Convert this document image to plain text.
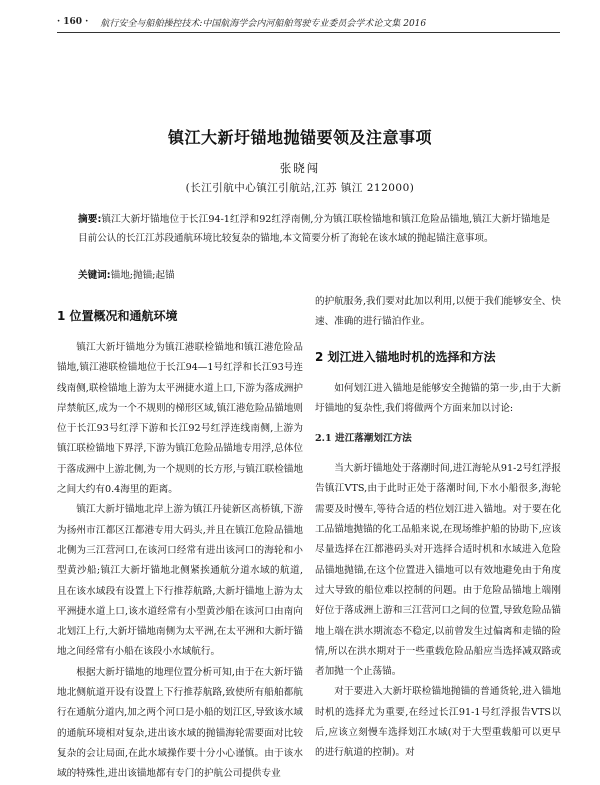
· 160 · 航行安全与船舶操控技术:中国航海学会内河船舶驾驶专业委员会学术论文集 2016
镇江大新圩锚地抛锚要领及注意事项
张晓闯
(长江引航中心镇江引航站,江苏 镇江 212000)
摘要:镇江大新圩锚地位于长江94-1红浮和92红浮南侧,分为镇江联检锚地和镇江危险品锚地,镇江大新圩锚地是目前公认的长江江苏段通航环境比较复杂的锚地,本文简要分析了海轮在该水域的抛起锚注意事项。
关键词:锚地;抛锚;起锚
1 位置概况和通航环境

镇江大新圩锚地分为镇江港联检锚地和镇江港危险品锚地,镇江港联检锚地位于长江94—1号红浮和长江93号连线南侧,联检锚地上游为太平洲捷水道上口,下游为落成洲护岸禁航区,成为一个不规则的梯形区域,镇江港危险品锚地则位于长江93号红浮下游和长江92号红浮连线南侧,上游为镇江联检锚地下界浮,下游为镇江危险品锚地专用浮,总体位于落成洲中上游北侧,为一个规则的长方形,与镇江联检锚地之间大约有0.4海里的距离。

镇江大新圩锚地北岸上游为镇江丹徒新区高桥镇,下游为扬州市江都区江都港专用大码头,并且在镇江危险品锚地北侧为三江营河口,在该河口经常有进出该河口的海轮和小型黄沙船;镇江大新圩锚地北侧紧挨通航分道水域的航道,且在该水域段有设置上下行推荐航路,大新圩锚地上游为太平洲捷水道上口,该水道经常有小型黄沙船在该河口由南向北划江上行,大新圩锚地南侧为太平洲,在太平洲和大新圩锚地之间经常有小船在该段小水域航行。

根据大新圩锚地的地理位置分析可知,由于在大新圩锚地北侧航道开设有设置上下行推荐航路,致使所有船舶都航行在通航分道内,加之两个河口是小船的划江区,导致该水域的通航环境相对复杂,进出该水域的抛锚海轮需要面对比较复杂的会让局面,在此水域操作要十分小心谨慎。由于该水域的特殊性,进出该锚地都有专门的护航公司提供专业

的护航服务,我们要对此加以利用,以便于我们能够安全、快速、准确的进行锚泊作业。
2 划江进入锚地时机的选择和方法

如何划江进入锚地是能够安全抛锚的第一步,由于大新圩锚地的复杂性,我们将做两个方面来加以讨论:

2.1 进江落潮划江方法

当大新圩锚地处于落潮时间,进江海轮从91-2号红浮报告镇江VTS,由于此时正处于落潮时间,下水小船很多,海轮需要及时慢车,等待合适的档位划江进入锚地。对于要在化工品锚地抛锚的化工品船来说,在现场维护船的协助下,应该尽量选择在江都港码头对开选择合适时机和水域进入危险品锚地抛锚,在这个位置进入锚地可以有效地避免由于角度过大导致的船位难以控制的问题。由于危险品锚地上端刚好位于落成洲上游和三江营河口之间的位置,导致危险品锚地上端在洪水期流态不稳定,以前曾发生过偏离和走锚的险情,所以在洪水期对于一些重载危险品船应当选择减双路或者加抛一个止荡锚。

对于要进入大新圩联检锚地抛锚的普通货轮,进入锚地时机的选择尤为重要,在经过长江91-1号红浮报告VTS以后,应该立刻慢车选择划江水域(对于大型重载船可以更早的进行航道的控制)。对
